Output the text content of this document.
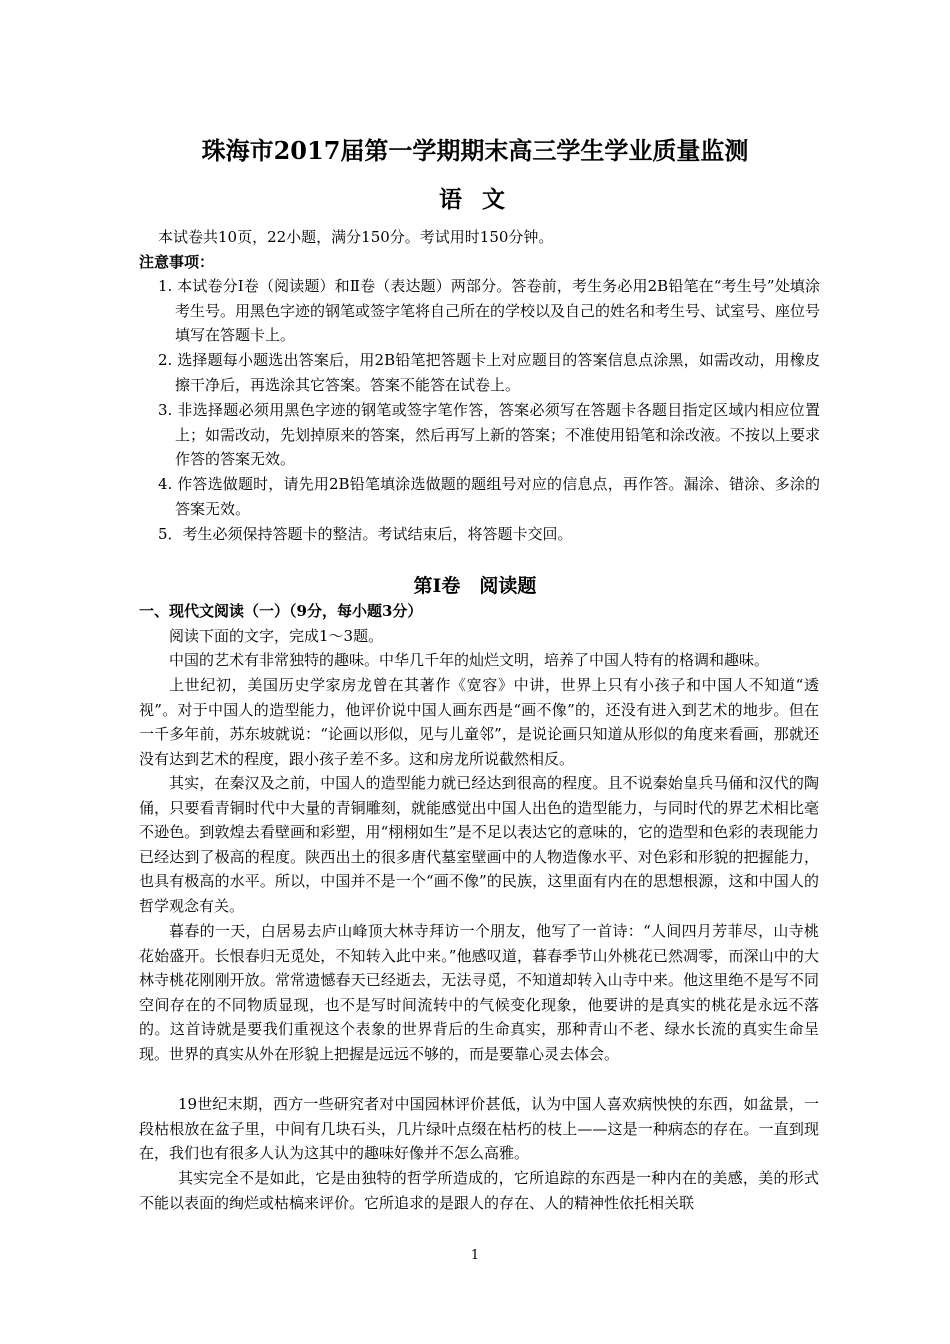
珠海市2017届第一学期期末高三学生学业质量监测
语 文
本试卷共10页，22小题，满分150分。考试用时150分钟。
注意事项：
1. 本试卷分Ⅰ卷（阅读题）和Ⅱ卷（表达题）两部分。答卷前，考生务必用2B铅笔在“考生号”处填涂考生号。用黑色字迹的钢笔或签字笔将自己所在的学校以及自己的姓名和考生号、试室号、座位号填写在答题卡上。
2. 选择题每小题选出答案后，用2B铅笔把答题卡上对应题目的答案信息点涂黑，如需改动，用橡皮擦干净后，再选涂其它答案。答案不能答在试卷上。
3. 非选择题必须用黑色字迹的钢笔或签字笔作答，答案必须写在答题卡各题目指定区域内相应位置上；如需改动，先划掉原来的答案，然后再写上新的答案；不准使用铅笔和涂改液。不按以上要求作答的答案无效。
4. 作答选做题时，请先用2B铅笔填涂选做题的题组号对应的信息点，再作答。漏涂、错涂、多涂的答案无效。
5．考生必须保持答题卡的整洁。考试结束后，将答题卡交回。
第Ⅰ卷　阅读题
一、现代文阅读（一）（9分，每小题3分）
阅读下面的文字，完成1～3题。
中国的艺术有非常独特的趣味。中华几千年的灿烂文明，培养了中国人特有的格调和趣味。
上世纪初，美国历史学家房龙曾在其著作《宽容》中讲，世界上只有小孩子和中国人不知道“透视”。对于中国人的造型能力，他评价说中国人画东西是“画不像”的，还没有进入到艺术的地步。但在一千多年前，苏东坡就说：“论画以形似，见与儿童邻”，是说论画只知道从形似的角度来看画，那就还没有达到艺术的程度，跟小孩子差不多。这和房龙所说截然相反。
其实，在秦汉及之前，中国人的造型能力就已经达到很高的程度。且不说秦始皇兵马俑和汉代的陶俑，只要看青铜时代中大量的青铜雕刻，就能感觉出中国人出色的造型能力，与同时代的界艺术相比毫不逊色。到敦煌去看壁画和彩塑，用“栩栩如生”是不足以表达它的意味的，它的造型和色彩的表现能力已经达到了极高的程度。陕西出土的很多唐代墓室壁画中的人物造像水平、对色彩和形貌的把握能力，也具有极高的水平。所以，中国并不是一个“画不像”的民族，这里面有内在的思想根源，这和中国人的哲学观念有关。
暮春的一天，白居易去庐山峰顶大林寺拜访一个朋友，他写了一首诗：“人间四月芳菲尽，山寺桃花始盛开。长恨春归无觅处，不知转入此中来。”他感叹道，暮春季节山外桃花已然凋零，而深山中的大林寺桃花刚刚开放。常常遗憾春天已经逝去，无法寻觅，不知道却转入山寺中来。他这里绝不是写不同空间存在的不同物质显现，也不是写时间流转中的气候变化现象，他要讲的是真实的桃花是永远不落的。这首诗就是要我们重视这个表象的世界背后的生命真实，那种青山不老、绿水长流的真实生命呈现。世界的真实从外在形貌上把握是远远不够的，而是要靠心灵去体会。
19世纪末期，西方一些研究者对中国园林评价甚低，认为中国人喜欢病怏怏的东西，如盆景，一段枯根放在盆子里，中间有几块石头，几片绿叶点缀在枯朽的枝上——这是一种病态的存在。一直到现在，我们也有很多人认为这其中的趣味好像并不怎么高雅。
其实完全不是如此，它是由独特的哲学所造成的，它所追踪的东西是一种内在的美感，美的形式不能以表面的绚烂或枯槁来评价。它所追求的是跟人的存在、人的精神性依托相关联
1
